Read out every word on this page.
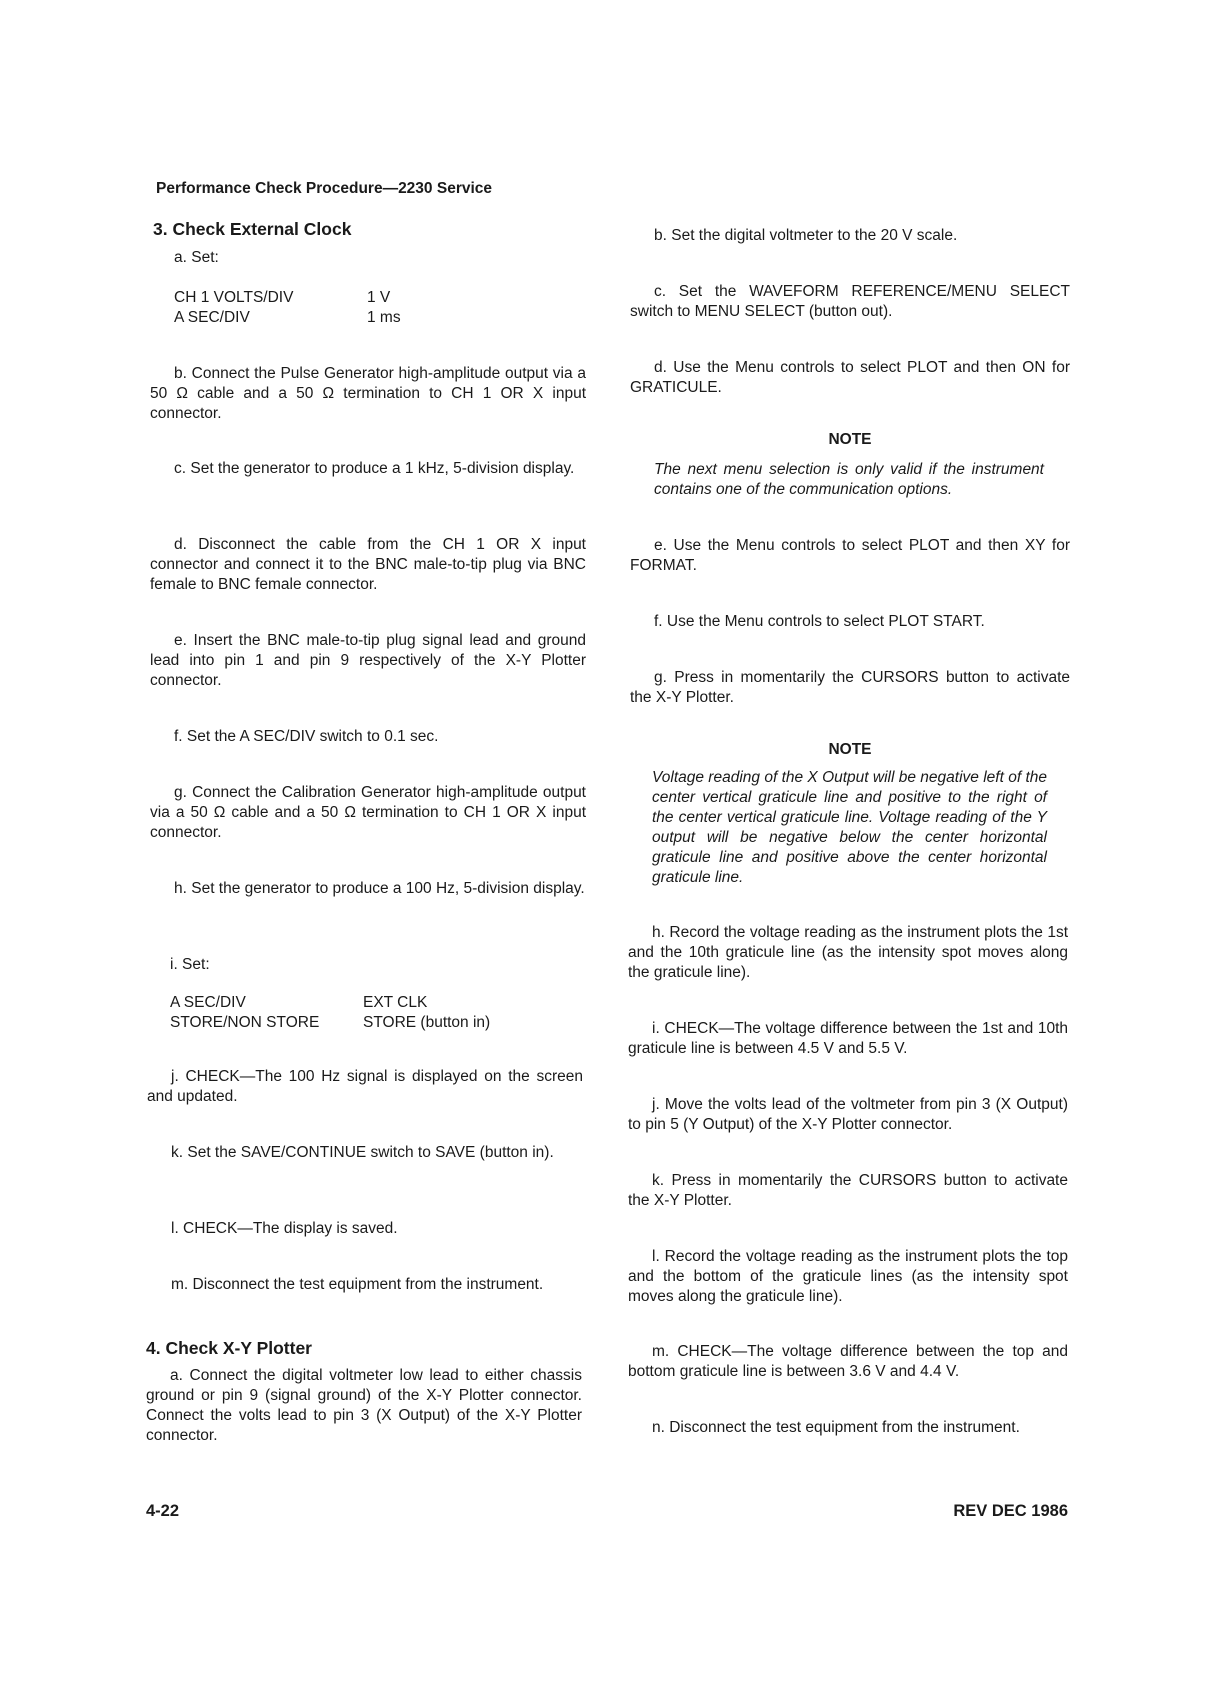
Performance Check Procedure—2230 Service
3. Check External Clock
a. Set:
CH 1 VOLTS/DIV	1 V
A SEC/DIV	1 ms
b. Connect the Pulse Generator high-amplitude output via a 50 Ω cable and a 50 Ω termination to CH 1 OR X input connector.
c. Set the generator to produce a 1 kHz, 5-division display.
d. Disconnect the cable from the CH 1 OR X input connector and connect it to the BNC male-to-tip plug via BNC female to BNC female connector.
e. Insert the BNC male-to-tip plug signal lead and ground lead into pin 1 and pin 9 respectively of the X-Y Plotter connector.
f. Set the A SEC/DIV switch to 0.1 sec.
g. Connect the Calibration Generator high-amplitude output via a 50 Ω cable and a 50 Ω termination to CH 1 OR X input connector.
h. Set the generator to produce a 100 Hz, 5-division display.
i. Set:
A SEC/DIV	EXT CLK
STORE/NON STORE	STORE (button in)
j. CHECK—The 100 Hz signal is displayed on the screen and updated.
k. Set the SAVE/CONTINUE switch to SAVE (button in).
l. CHECK—The display is saved.
m. Disconnect the test equipment from the instrument.
4. Check X-Y Plotter
a. Connect the digital voltmeter low lead to either chassis ground or pin 9 (signal ground) of the X-Y Plotter connector. Connect the volts lead to pin 3 (X Output) of the X-Y Plotter connector.
b. Set the digital voltmeter to the 20 V scale.
c. Set the WAVEFORM REFERENCE/MENU SELECT switch to MENU SELECT (button out).
d. Use the Menu controls to select PLOT and then ON for GRATICULE.
NOTE
The next menu selection is only valid if the instrument contains one of the communication options.
e. Use the Menu controls to select PLOT and then XY for FORMAT.
f. Use the Menu controls to select PLOT START.
g. Press in momentarily the CURSORS button to activate the X-Y Plotter.
NOTE
Voltage reading of the X Output will be negative left of the center vertical graticule line and positive to the right of the center vertical graticule line. Voltage reading of the Y output will be negative below the center horizontal graticule line and positive above the center horizontal graticule line.
h. Record the voltage reading as the instrument plots the 1st and the 10th graticule line (as the intensity spot moves along the graticule line).
i. CHECK—The voltage difference between the 1st and 10th graticule line is between 4.5 V and 5.5 V.
j. Move the volts lead of the voltmeter from pin 3 (X Output) to pin 5 (Y Output) of the X-Y Plotter connector.
k. Press in momentarily the CURSORS button to activate the X-Y Plotter.
l. Record the voltage reading as the instrument plots the top and the bottom of the graticule lines (as the intensity spot moves along the graticule line).
m. CHECK—The voltage difference between the top and bottom graticule line is between 3.6 V and 4.4 V.
n. Disconnect the test equipment from the instrument.
4-22	REV DEC 1986
